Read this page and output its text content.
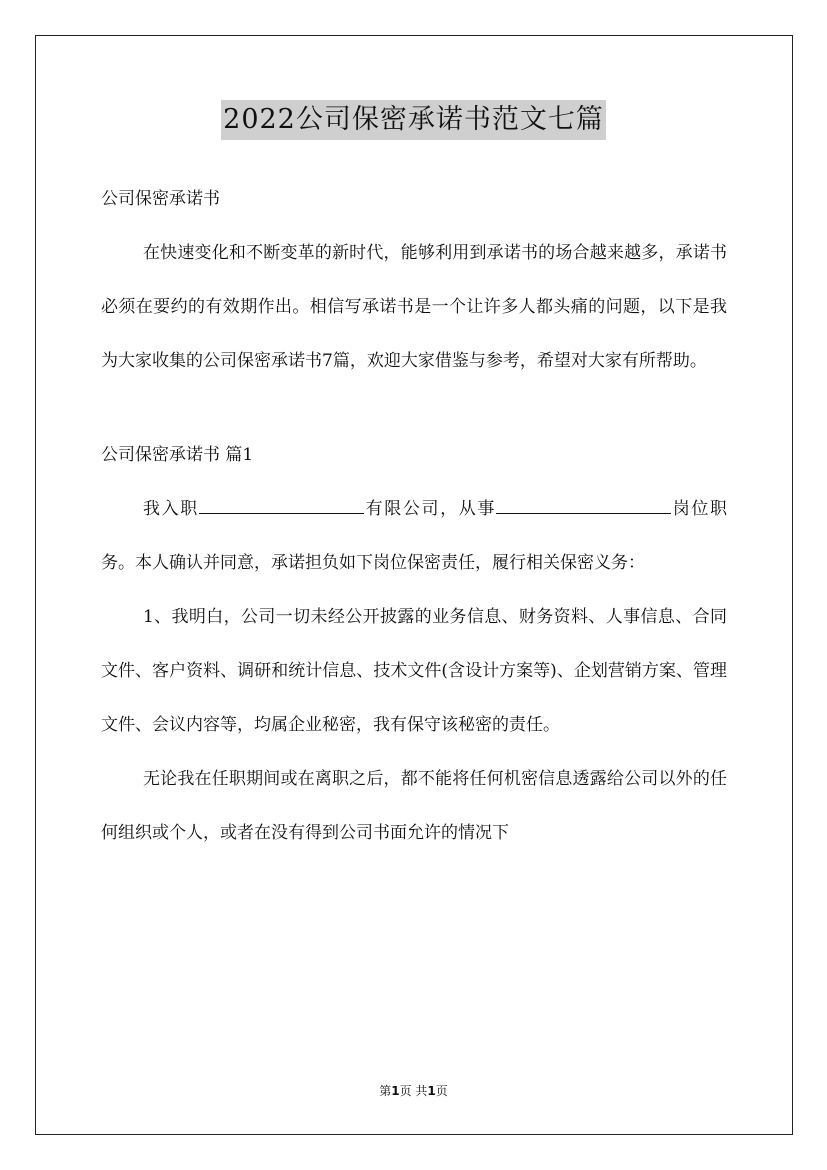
2022公司保密承诺书范文七篇

公司保密承诺书

在快速变化和不断变革的新时代，能够利用到承诺书的场合越来越多，承诺书必须在要约的有效期作出。相信写承诺书是一个让许多人都头痛的问题，以下是我为大家收集的公司保密承诺书7篇，欢迎大家借鉴与参考，希望对大家有所帮助。

公司保密承诺书 篇1

我入职	有限公司，从事	岗位职务。本人确认并同意，承诺担负如下岗位保密责任，履行相关保密义务：

1、我明白，公司一切未经公开披露的业务信息、财务资料、人事信息、合同文件、客户资料、调研和统计信息、技术文件(含设计方案等)、企划营销方案、管理文件、会议内容等，均属企业秘密，我有保守该秘密的责任。

无论我在任职期间或在离职之后，都不能将任何机密信息透露给公司以外的任何组织或个人，或者在没有得到公司书面允许的情况下

第1页 共1页
